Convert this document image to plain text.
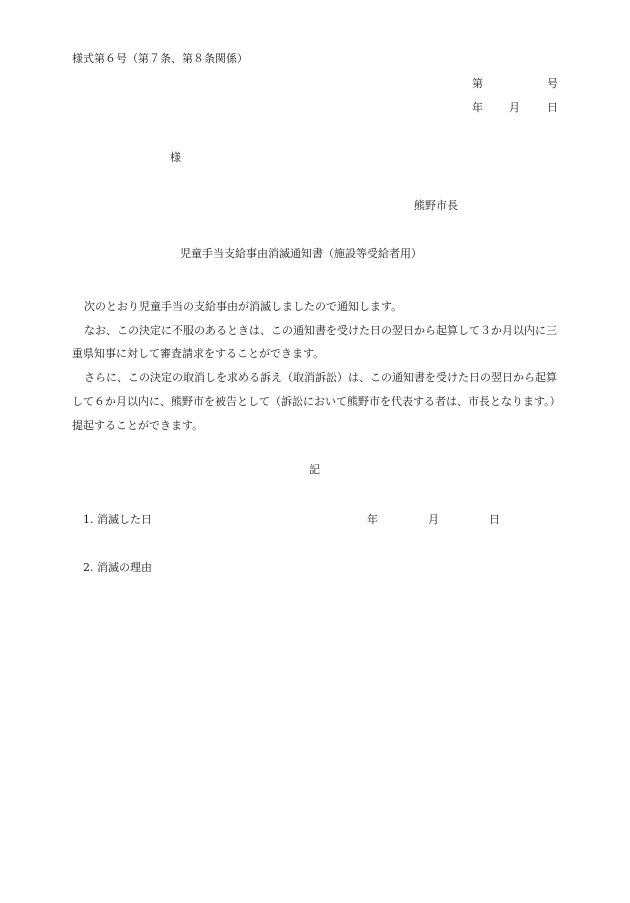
様式第６号（第７条、第８条関係）
第	号
年 月 日
様
熊野市長
児童手当支給事由消滅通知書（施設等受給者用）

次のとおり児童手当の支給事由が消滅しましたので通知します。

なお、この決定に不服のあるときは、この通知書を受けた日の翌日から起算して３か月以内に三重県知事に対して審査請求をすることができます。

さらに、この決定の取消しを求める訴え（取消訴訟）は、この通知書を受けた日の翌日から起算して６か月以内に、熊野市を被告として（訴訟において熊野市を代表する者は、市長となります。）提起することができます。

記
1. 消滅した日	年	月	日
2. 消滅の理由
